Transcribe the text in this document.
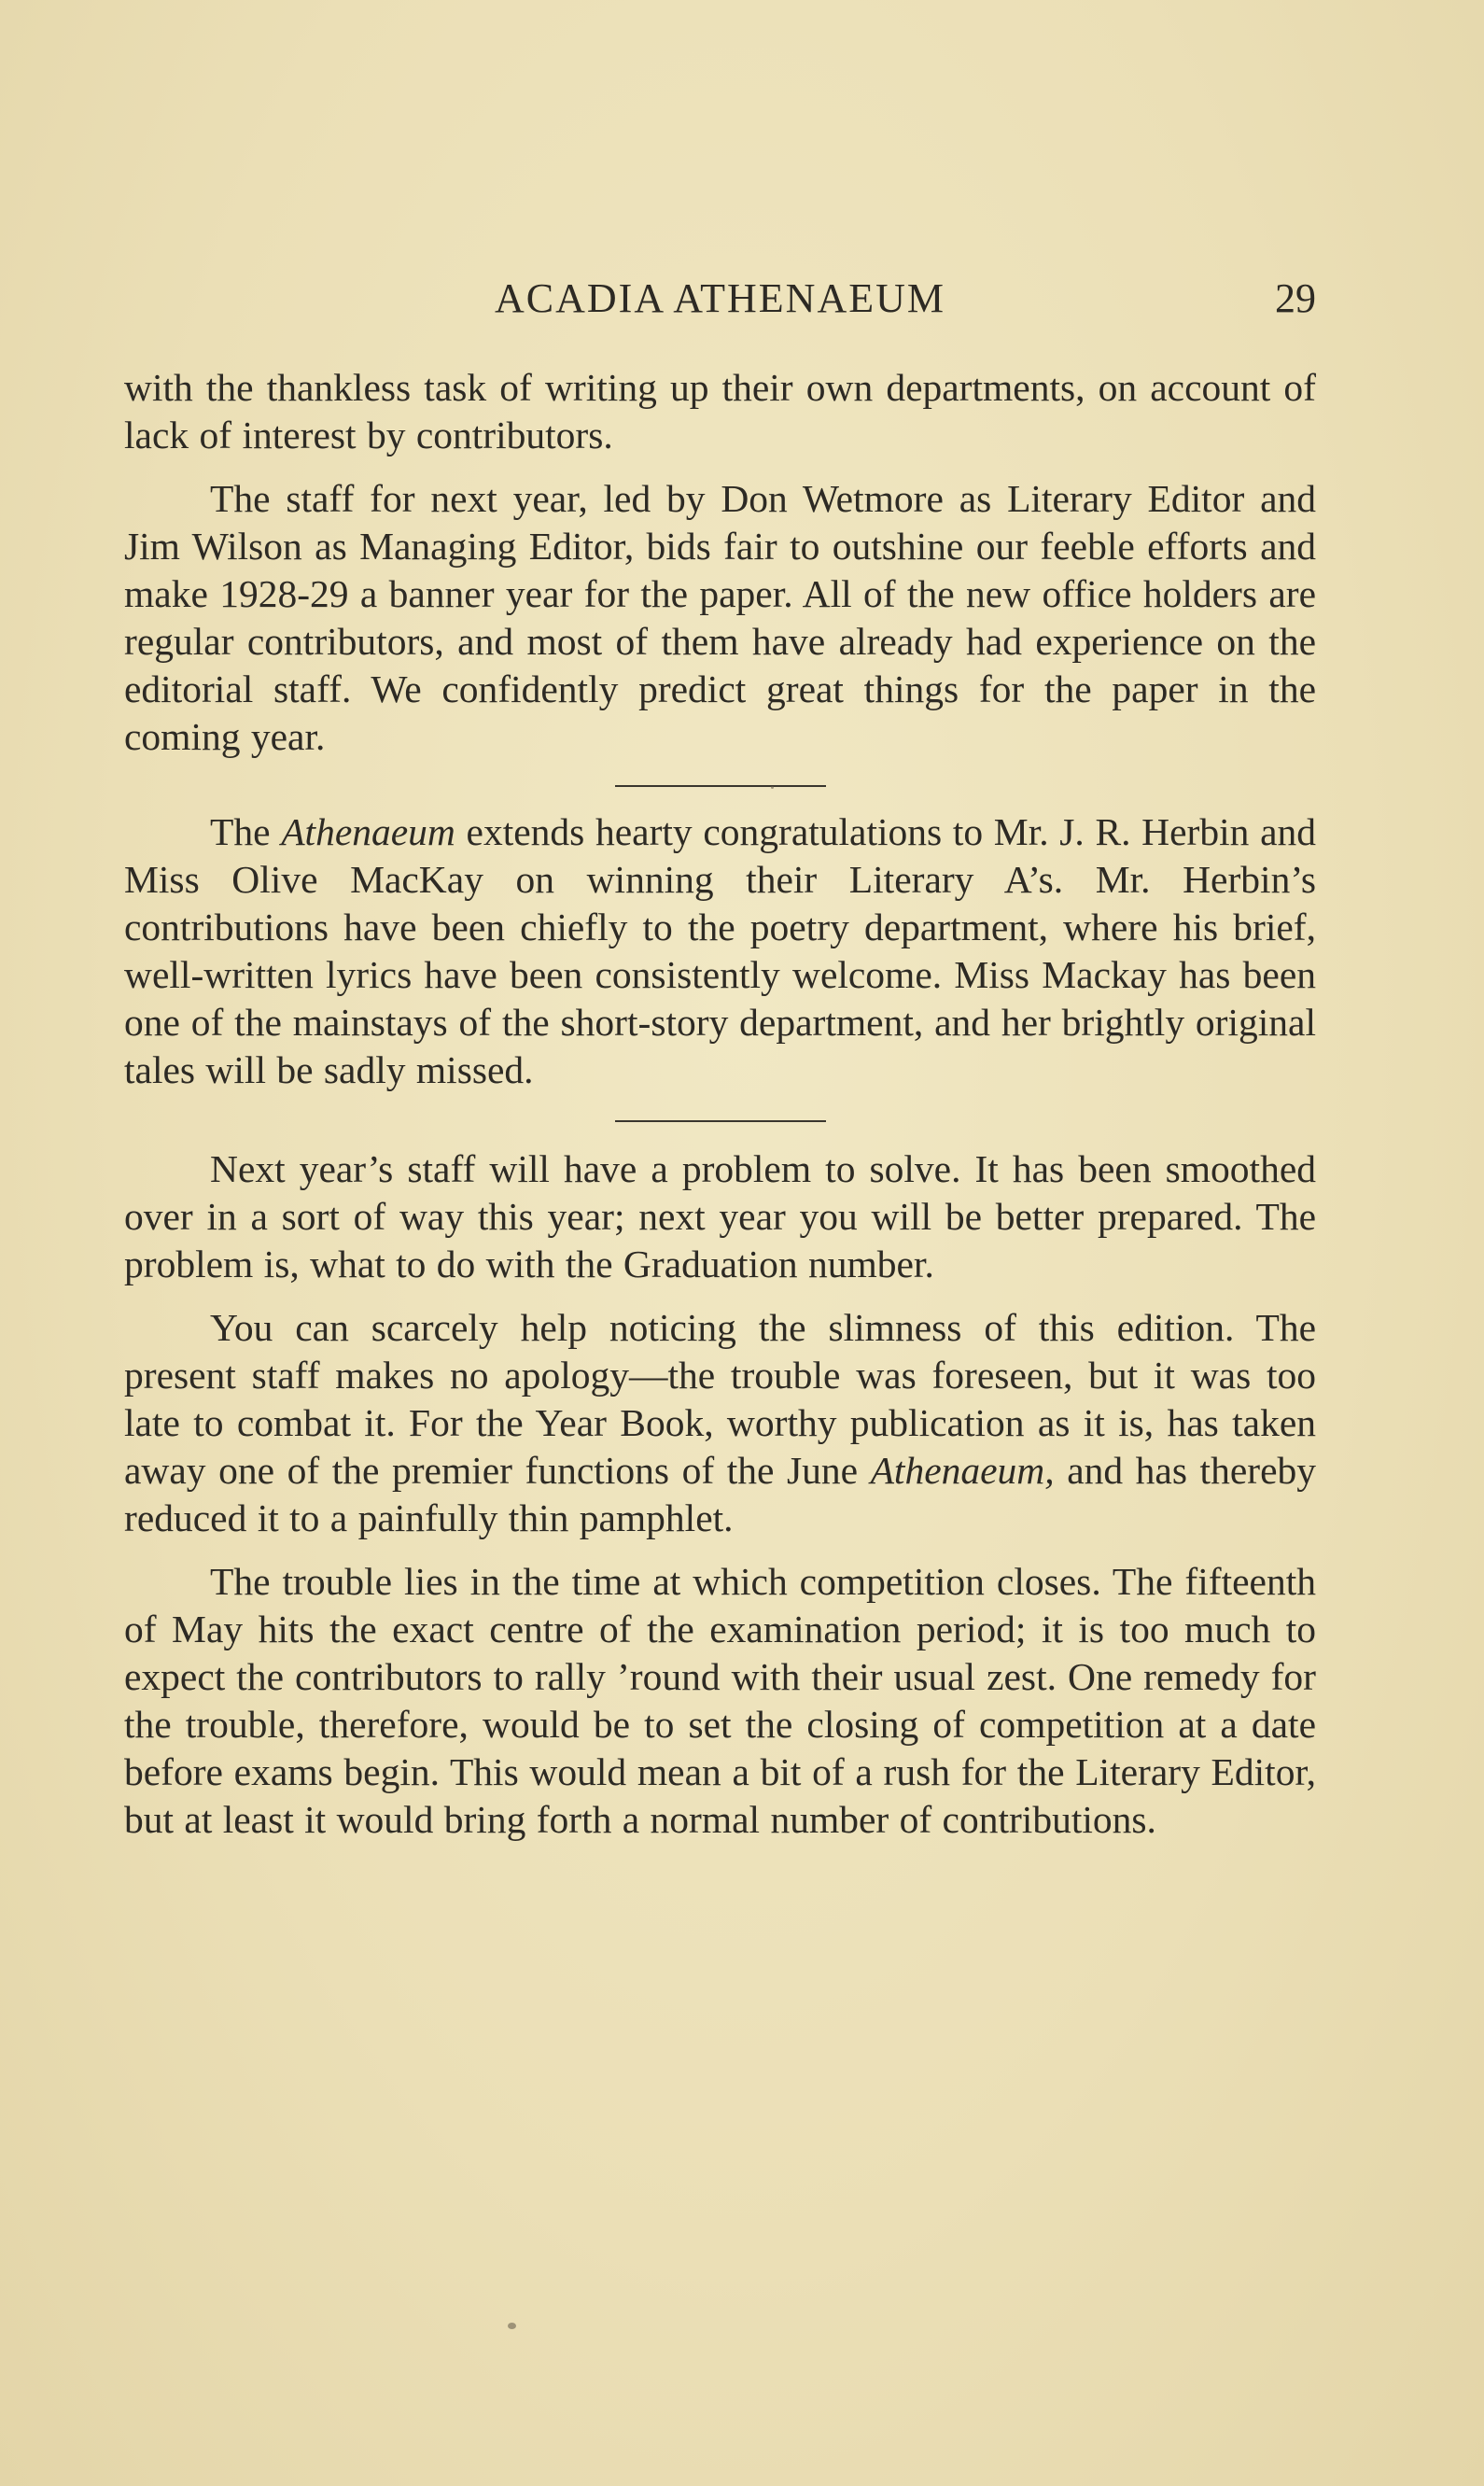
ACADIA ATHENAEUM	29

with the thankless task of writing up their own departments, on account of lack of interest by contributors.

The staff for next year, led by Don Wetmore as Literary Editor and Jim Wilson as Managing Editor, bids fair to outshine our feeble efforts and make 1928-29 a banner year for the paper. All of the new office holders are regular contributors, and most of them have already had experience on the editorial staff. We confidently predict great things for the paper in the coming year.

The Athenaeum extends hearty congratulations to Mr. J. R. Herbin and Miss Olive MacKay on winning their Literary A’s. Mr. Herbin’s contributions have been chiefly to the poetry department, where his brief, well-written lyrics have been consistently welcome. Miss Mackay has been one of the mainstays of the short-story department, and her brightly original tales will be sadly missed.

Next year’s staff will have a problem to solve. It has been smoothed over in a sort of way this year; next year you will be better prepared. The problem is, what to do with the Graduation number.

You can scarcely help noticing the slimness of this edition. The present staff makes no apology—the trouble was foreseen, but it was too late to combat it. For the Year Book, worthy publication as it is, has taken away one of the premier functions of the June Athenaeum, and has thereby reduced it to a painfully thin pamphlet.

The trouble lies in the time at which competition closes. The fifteenth of May hits the exact centre of the examination period; it is too much to expect the contributors to rally ’round with their usual zest. One remedy for the trouble, therefore, would be to set the closing of competition at a date before exams begin. This would mean a bit of a rush for the Literary Editor, but at least it would bring forth a normal number of contributions.
